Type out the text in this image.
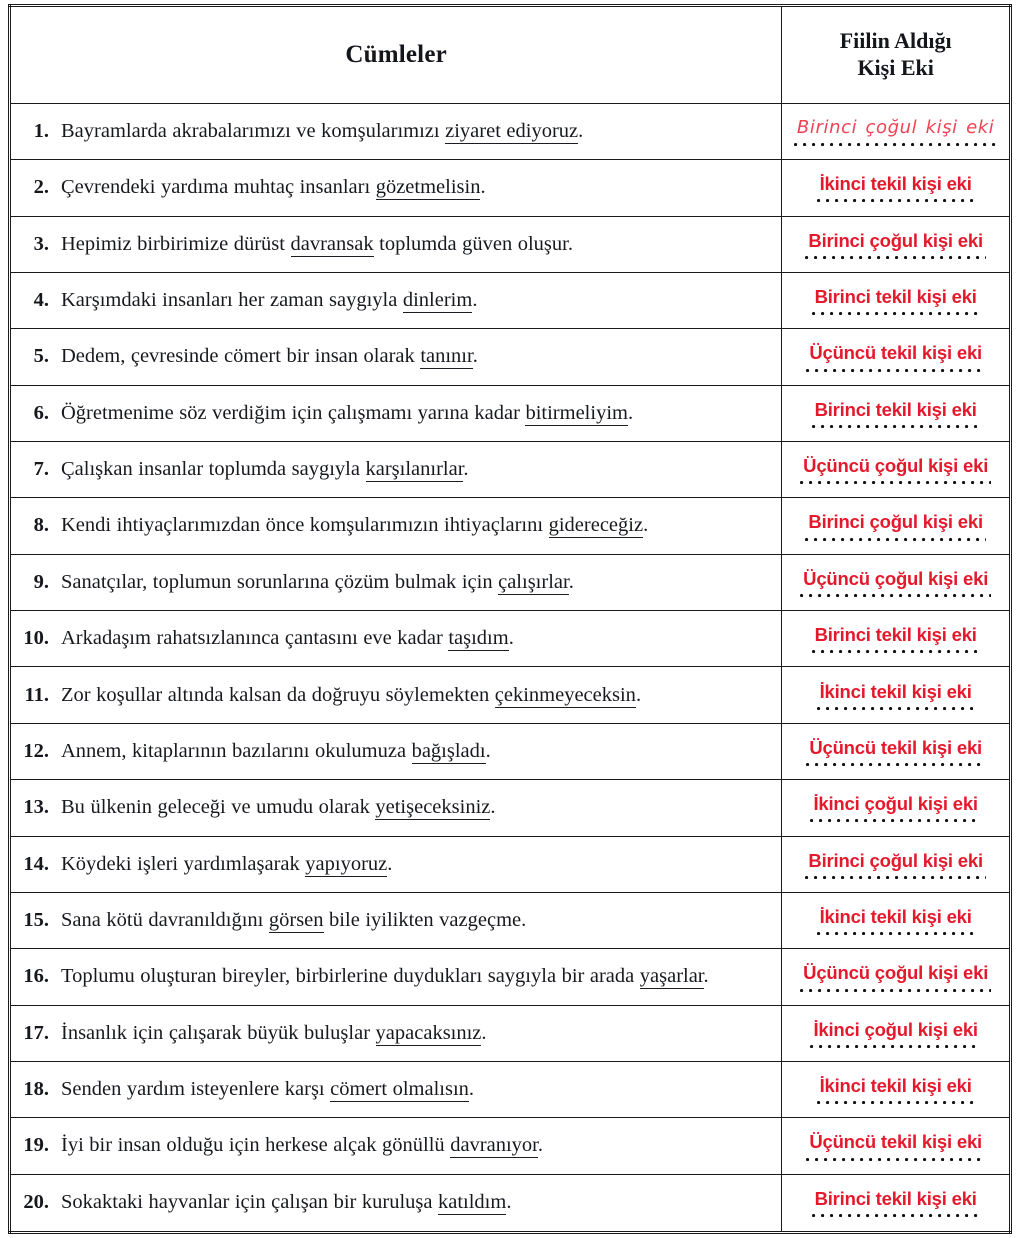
Cümleler	Fiilin Aldığı
Kişi Eki

1. Bayramlarda akrabalarımızı ve komşularımızı ziyaret ediyoruz.	Birinci çoğul kişi eki

2. Çevrendeki yardıma muhtaç insanları gözetmelisin.	İkinci tekil kişi eki

3. Hepimiz birbirimize dürüst davransak toplumda güven oluşur.	Birinci çoğul kişi eki

4. Karşımdaki insanları her zaman saygıyla dinlerim.	Birinci tekil kişi eki

5. Dedem, çevresinde cömert bir insan olarak tanınır.	Üçüncü tekil kişi eki

6. Öğretmenime söz verdiğim için çalışmamı yarına kadar bitirmeliyim.	Birinci tekil kişi eki

7. Çalışkan insanlar toplumda saygıyla karşılanırlar.	Üçüncü çoğul kişi eki

8. Kendi ihtiyaçlarımızdan önce komşularımızın ihtiyaçlarını gidereceğiz.	Birinci çoğul kişi eki

9. Sanatçılar, toplumun sorunlarına çözüm bulmak için çalışırlar.	Üçüncü çoğul kişi eki

10. Arkadaşım rahatsızlanınca çantasını eve kadar taşıdım.	Birinci tekil kişi eki

11. Zor koşullar altında kalsan da doğruyu söylemekten çekinmeyeceksin.	İkinci tekil kişi eki

12. Annem, kitaplarının bazılarını okulumuza bağışladı.	Üçüncü tekil kişi eki

13. Bu ülkenin geleceği ve umudu olarak yetişeceksiniz.	İkinci çoğul kişi eki

14. Köydeki işleri yardımlaşarak yapıyoruz.	Birinci çoğul kişi eki

15. Sana kötü davranıldığını görsen bile iyilikten vazgeçme.	İkinci tekil kişi eki

16. Toplumu oluşturan bireyler, birbirlerine duydukları saygıyla bir arada yaşarlar.	Üçüncü çoğul kişi eki

17. İnsanlık için çalışarak büyük buluşlar yapacaksınız.	İkinci çoğul kişi eki

18. Senden yardım isteyenlere karşı cömert olmalısın.	İkinci tekil kişi eki

19. İyi bir insan olduğu için herkese alçak gönüllü davranıyor.	Üçüncü tekil kişi eki

20. Sokaktaki hayvanlar için çalışan bir kuruluşa katıldım.	Birinci tekil kişi eki
